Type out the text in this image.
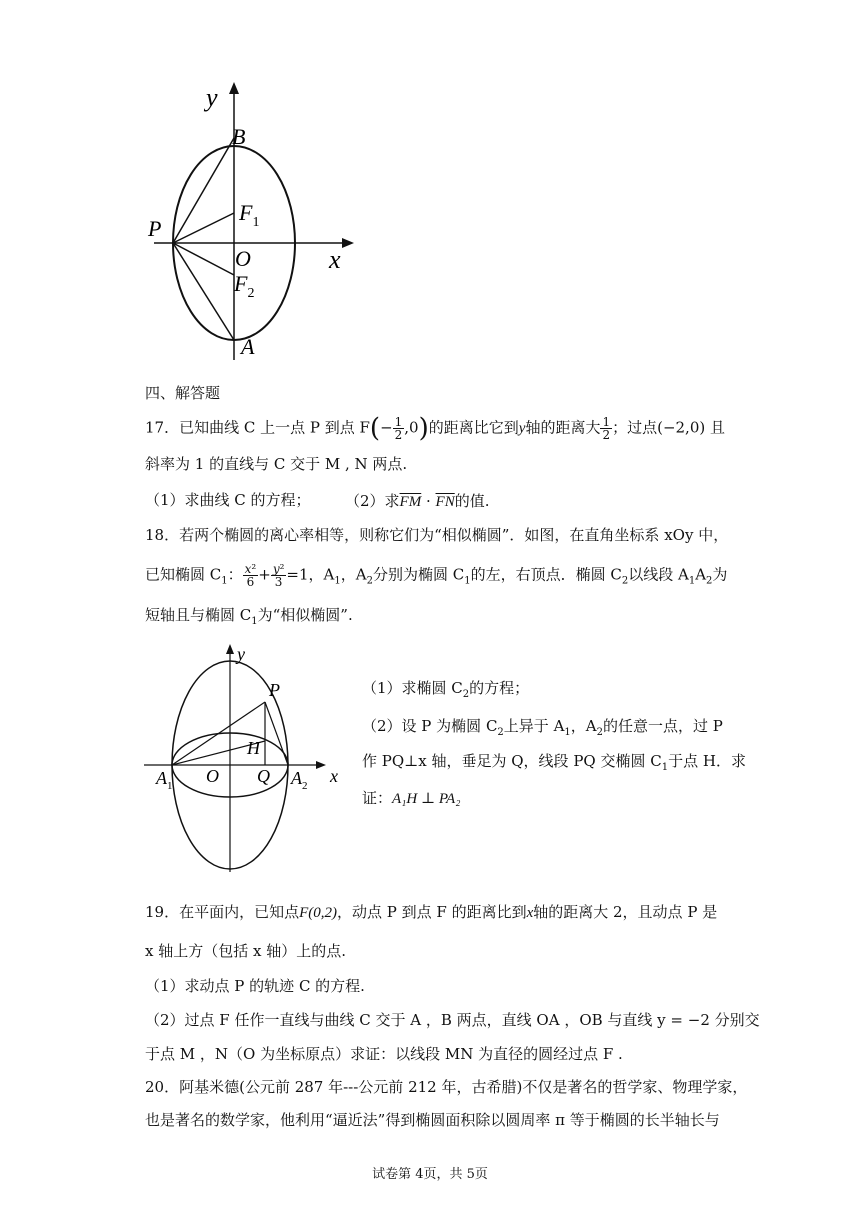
y
B
P
$F_1$
O	x
$F_2$
A
四、解答题
17．已知曲线 C 上一点 P 到点 $F(- \frac{1}{2} ,0)$的距离比它到y轴的距离大 $\frac{1}{2}$ ；过点(−2,0) 且
斜率为 1 的直线与 C 交于 M , N 两点.
（1）求曲线 C 的方程； （2）求$\overline{FM} \cdot \overline{FN}$的值.
18．若两个椭圆的离心率相等，则称它们为“相似椭圆”．如图，在直角坐标系 xOy 中，
已知椭圆 $C_1$： $\frac{\text{x²}}{6} + \frac{\text{y²}}{3} =1$，$A_1$，$A_2$分别为椭圆 $C_1$的左，右顶点．椭圆 $C_2$以线段 $A_1A_2$为
短轴且与椭圆 $C_1$为“相似椭圆”.
y
P
H
$A_1$ O Q $A_2$ x
（1）求椭圆 $C_2$的方程；
（2）设 P 为椭圆 $C_2$上异于 $A_1$，$A_2$的任意一点，过 P
作 PQ⊥x 轴，垂足为 Q，线段 PQ 交椭圆 $C_1$于点 H．求
证：A₁H ⊥ PA₂
19．在平面内，已知点F(0,2)，动点 P 到点 F 的距离比到x轴的距离大 2，且动点 P 是
x 轴上方（包括 x 轴）上的点.
（1）求动点 P 的轨迹 C 的方程.
（2）过点 F 任作一直线与曲线 C 交于 A ，B 两点，直线 OA ，OB 与直线 y = −2 分别交
于点 M ，N（O 为坐标原点）求证：以线段 MN 为直径的圆经过点 F .
20．阿基米德(公元前 287 年---公元前 212 年，古希腊)不仅是著名的哲学家、物理学家，
也是著名的数学家，他利用“逼近法”得到椭圆面积除以圆周率 π 等于椭圆的长半轴长与
试卷第 4页，共 5页
